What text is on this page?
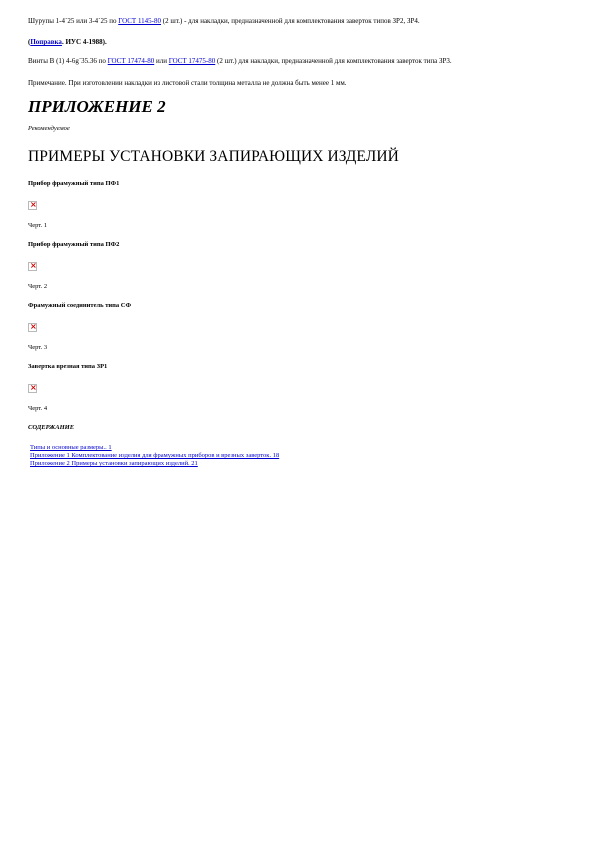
Шурупы 1-4´25 или 3-4´25 по ГОСТ 1145-80 (2 шт.) - для накладки, предназначенной для комплектования заверток типов ЗР2, ЗР4.

(Поправка. ИУС 4-1988).

Винты В (1) 4-6g´35.36 по ГОСТ 17474-80 или ГОСТ 17475-80 (2 шт.) для накладки, предназначенной для комплектования заверток типа ЗР3.

Примечание. При изготовлении накладки из листовой стали толщина металла не должна быть менее 1 мм.

ПРИЛОЖЕНИЕ 2
Рекомендуемое
ПРИМЕРЫ УСТАНОВКИ ЗАПИРАЮЩИХ ИЗДЕЛИЙ

Прибор фрамужный типа ПФ1

×

Черт. 1

Прибор фрамужный типа ПФ2

×

Черт. 2

Фрамужный соединитель типа СФ

×

Черт. 3

Завертка врезная типа ЗР1

×

Черт. 4

СОДЕРЖАНИЕ

Типы и основные размеры.. 1
Приложение 1 Комплектование изделия для фрамужных приборов и врезных заверток. 18
Приложение 2 Примеры установки запирающих изделий. 21
